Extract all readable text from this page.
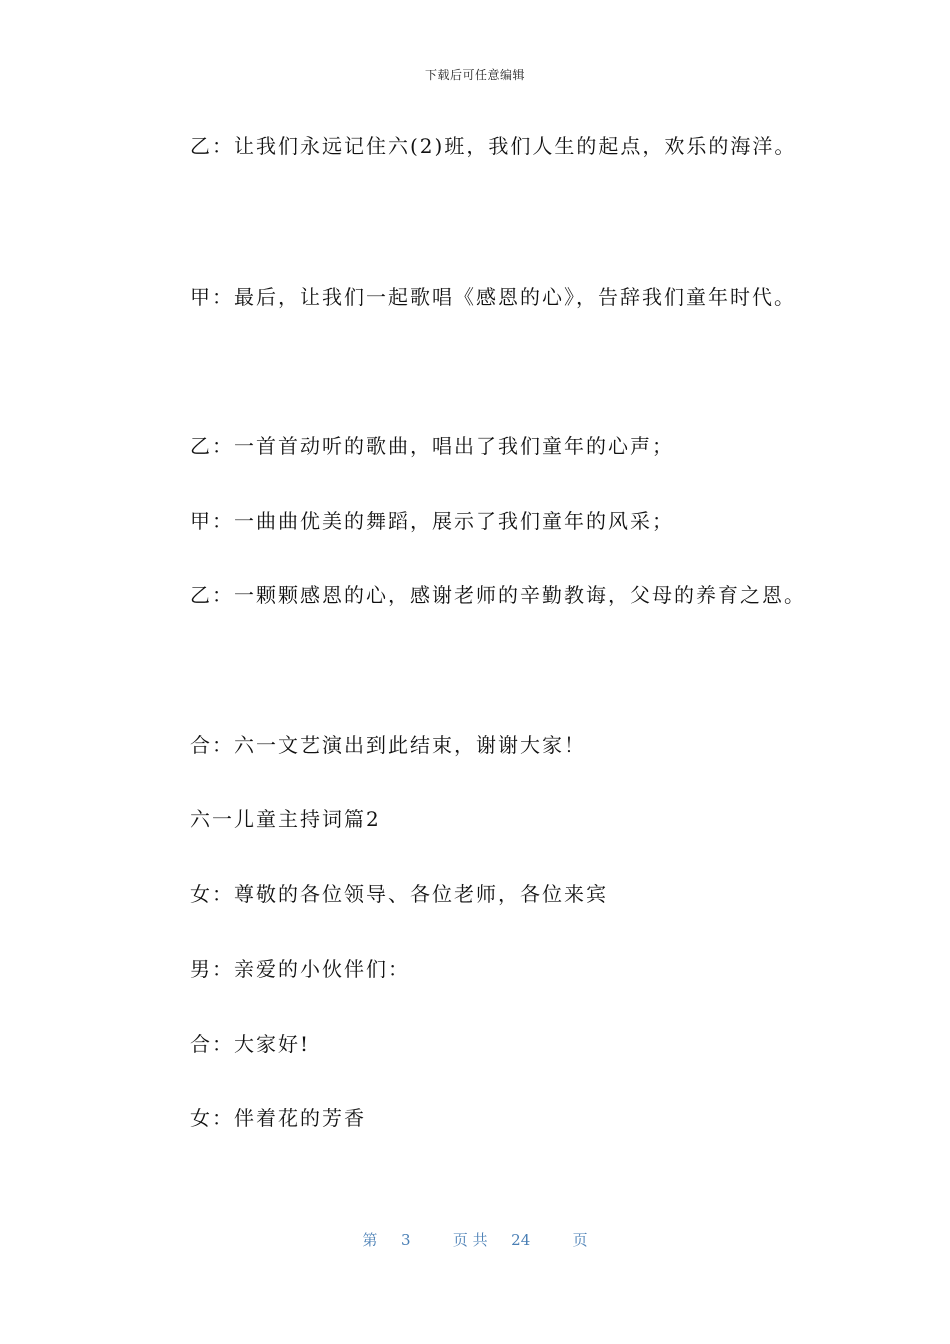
下载后可任意编辑
乙：让我们永远记住六(2)班，我们人生的起点，欢乐的海洋。
甲：最后，让我们一起歌唱《感恩的心》，告辞我们童年时代。
乙：一首首动听的歌曲，唱出了我们童年的心声；
甲：一曲曲优美的舞蹈，展示了我们童年的风采；
乙：一颗颗感恩的心，感谢老师的辛勤教诲，父母的养育之恩。
合：六一文艺演出到此结束，谢谢大家！
六一儿童主持词篇2
女：尊敬的各位领导、各位老师，各位来宾
男：亲爱的小伙伴们：
合：大家好!
女：伴着花的芳香
第 3	页 共 24	页
